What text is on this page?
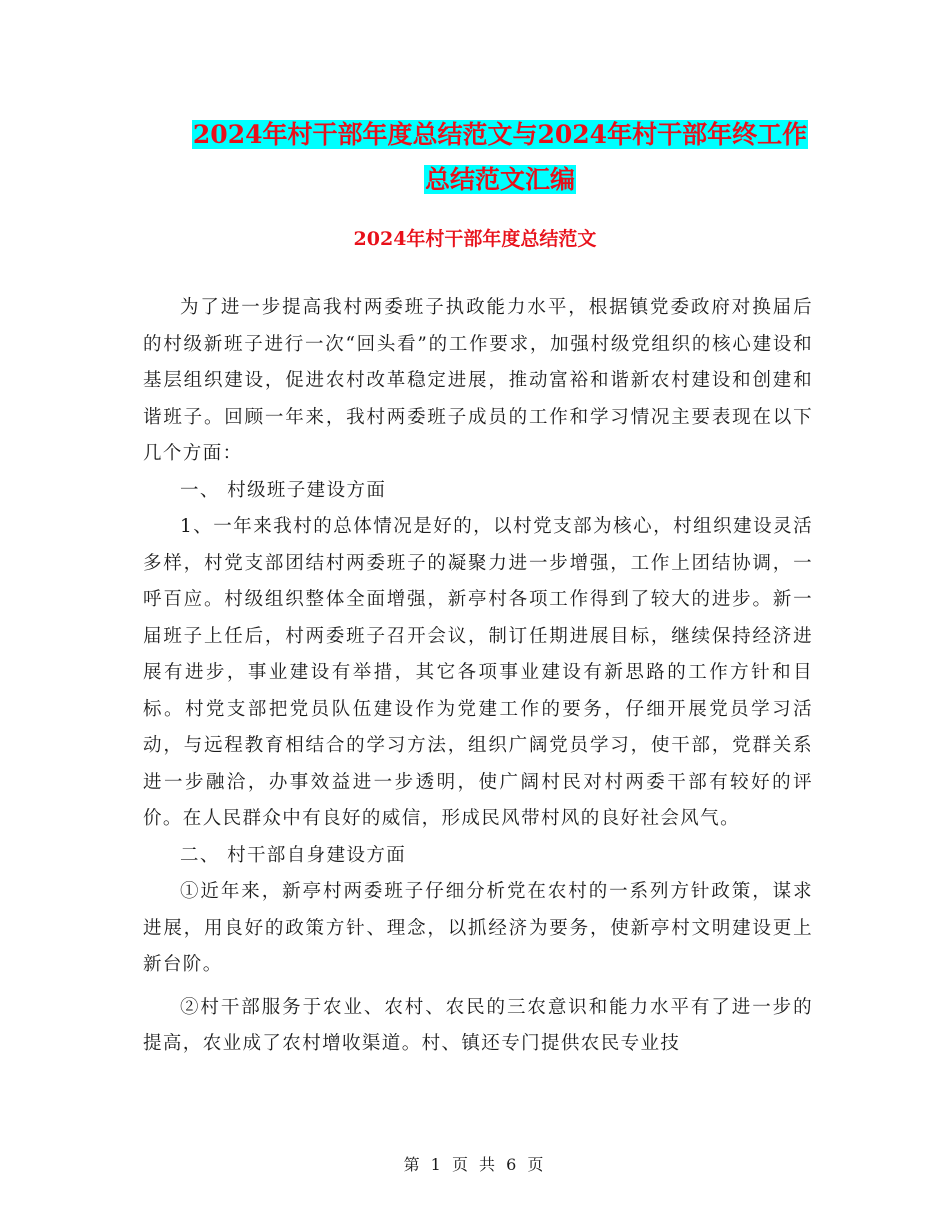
2024年村干部年度总结范文与2024年村干部年终工作
总结范文汇编
2024年村干部年度总结范文

为了进一步提高我村两委班子执政能力水平，根据镇党委政府对换届后的村级新班子进行一次“回头看”的工作要求，加强村级党组织的核心建设和基层组织建设，促进农村改革稳定进展，推动富裕和谐新农村建设和创建和谐班子。回顾一年来，我村两委班子成员的工作和学习情况主要表现在以下几个方面：

一、 村级班子建设方面

1、一年来我村的总体情况是好的，以村党支部为核心，村组织建设灵活多样，村党支部团结村两委班子的凝聚力进一步增强，工作上团结协调，一呼百应。村级组织整体全面增强，新亭村各项工作得到了较大的进步。新一届班子上任后，村两委班子召开会议，制订任期进展目标，继续保持经济进展有进步，事业建设有举措，其它各项事业建设有新思路的工作方针和目标。村党支部把党员队伍建设作为党建工作的要务，仔细开展党员学习活动，与远程教育相结合的学习方法，组织广阔党员学习，使干部，党群关系进一步融洽，办事效益进一步透明，使广阔村民对村两委干部有较好的评价。在人民群众中有良好的威信，形成民风带村风的良好社会风气。

二、 村干部自身建设方面

①近年来，新亭村两委班子仔细分析党在农村的一系列方针政策，谋求进展，用良好的政策方针、理念，以抓经济为要务，使新亭村文明建设更上新台阶。

②村干部服务于农业、农村、农民的三农意识和能力水平有了进一步的提高，农业成了农村增收渠道。村、镇还专门提供农民专业技

第 1 页 共 6 页
